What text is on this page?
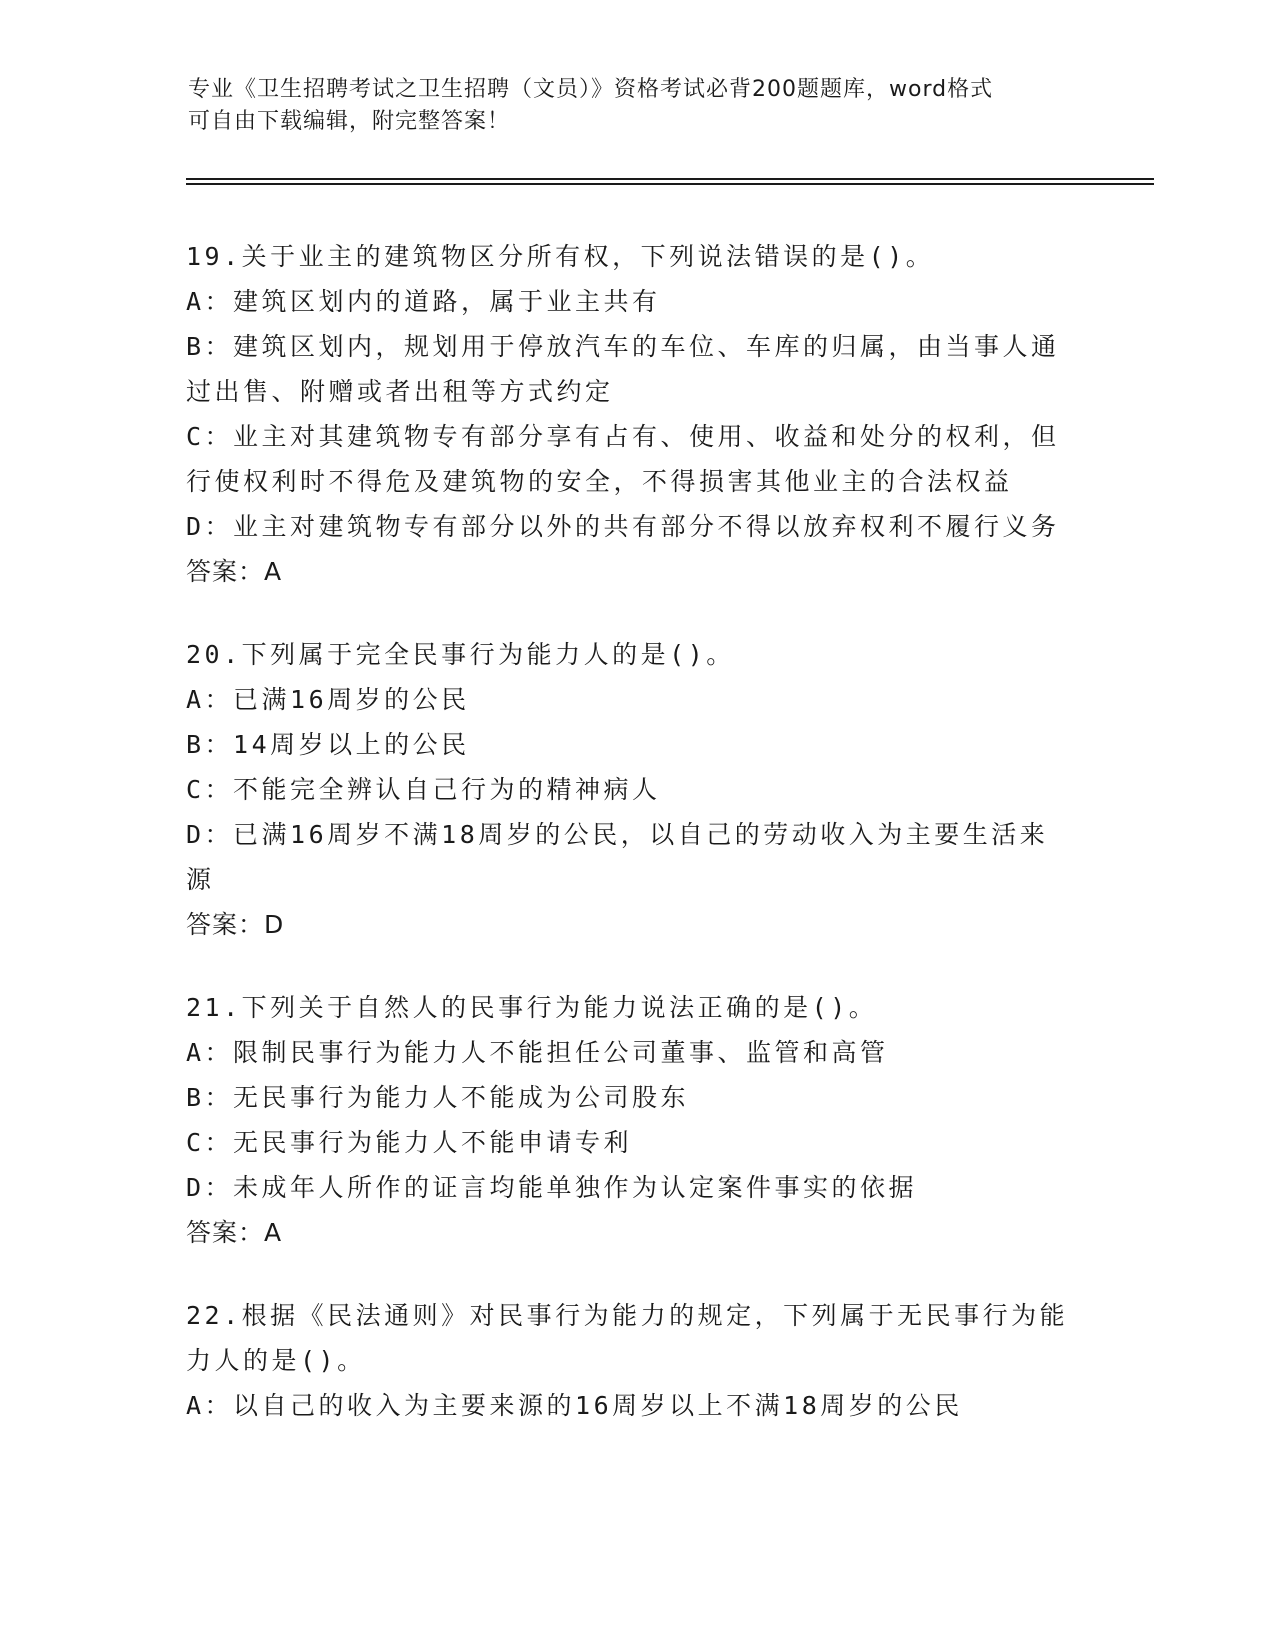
专业《卫生招聘考试之卫生招聘（文员）》资格考试必背200题题库，word格式
可自由下载编辑，附完整答案！
19.关于业主的建筑物区分所有权，下列说法错误的是()。
A：建筑区划内的道路，属于业主共有
B：建筑区划内，规划用于停放汽车的车位、车库的归属，由当事人通
过出售、附赠或者出租等方式约定
C：业主对其建筑物专有部分享有占有、使用、收益和处分的权利，但
行使权利时不得危及建筑物的安全，不得损害其他业主的合法权益
D：业主对建筑物专有部分以外的共有部分不得以放弃权利不履行义务
答案：A
20.下列属于完全民事行为能力人的是()。
A：已满16周岁的公民
B：14周岁以上的公民
C：不能完全辨认自己行为的精神病人
D：已满16周岁不满18周岁的公民，以自己的劳动收入为主要生活来
源
答案：D
21.下列关于自然人的民事行为能力说法正确的是()。
A：限制民事行为能力人不能担任公司董事、监管和高管
B：无民事行为能力人不能成为公司股东
C：无民事行为能力人不能申请专利
D：未成年人所作的证言均能单独作为认定案件事实的依据
答案：A
22.根据《民法通则》对民事行为能力的规定，下列属于无民事行为能
力人的是()。
A：以自己的收入为主要来源的16周岁以上不满18周岁的公民
